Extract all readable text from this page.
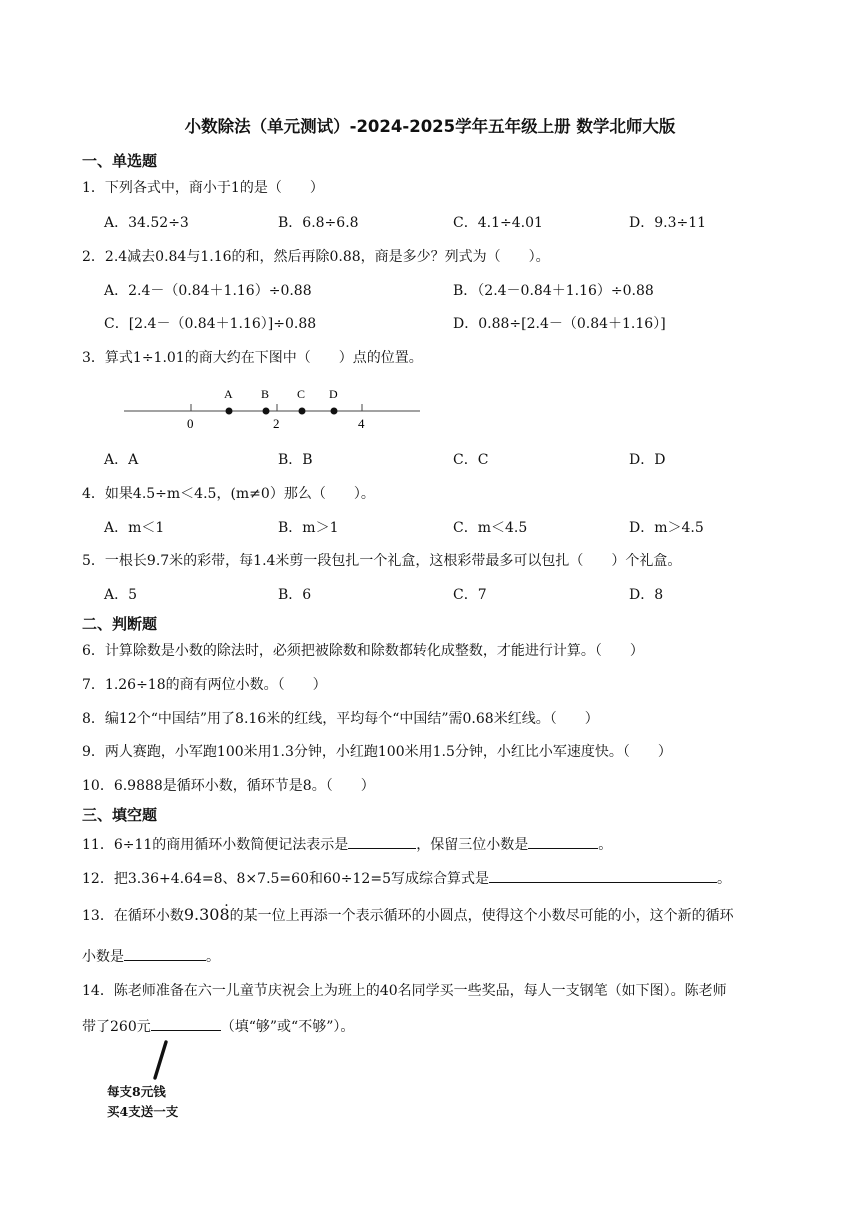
小数除法（单元测试）-2024-2025学年五年级上册 数学北师大版
一、单选题
1．下列各式中，商小于1的是（　　）
A．34.52÷3	B．6.8÷6.8	C．4.1÷4.01	D．9.3÷11
2．2.4减去0.84与1.16的和，然后再除0.88，商是多少？列式为（　　）。
A．2.4－（0.84＋1.16）÷0.88	B．（2.4－0.84＋1.16）÷0.88
C．[2.4－（0.84＋1.16）]÷0.88	D．0.88÷[2.4－（0.84＋1.16）]
3．算式1÷1.01的商大约在下图中（　　）点的位置。
0	2	4
A B C D
A．A	B．B	C．C	D．D
4．如果4.5÷m＜4.5，(m≠0）那么（　　）。
A．m＜1	B．m＞1	C．m＜4.5	D．m＞4.5
5．一根长9.7米的彩带，每1.4米剪一段包扎一个礼盒，这根彩带最多可以包扎（　　）个礼盒。
A．5	B．6	C．7	D．8
二、判断题
6．计算除数是小数的除法时，必须把被除数和除数都转化成整数，才能进行计算。（　　）
7．1.26÷18的商有两位小数。（　　）
8．编12个“中国结”用了8.16米的红线，平均每个“中国结”需0.68米红线。（　　）
9．两人赛跑，小军跑100米用1.3分钟，小红跑100米用1.5分钟，小红比小军速度快。（　　）
10．6.9888是循环小数，循环节是8。（　　）
三、填空题
11．6÷11的商用循环小数简便记法表示是	，保留三位小数是	。
12．把3.36+4.64=8、8×7.5=60和60÷12=5写成综合算式是	。
13．在循环小数9.308 ·的某一位上再添一个表示循环的小圆点，使得这个小数尽可能的小，这个新的循环
小数是	。
14．陈老师准备在六一儿童节庆祝会上为班上的40名同学买一些奖品，每人一支钢笔（如下图）。陈老师
带了260元	（填“够”或“不够”）。
每支8元钱
买4支送一支
